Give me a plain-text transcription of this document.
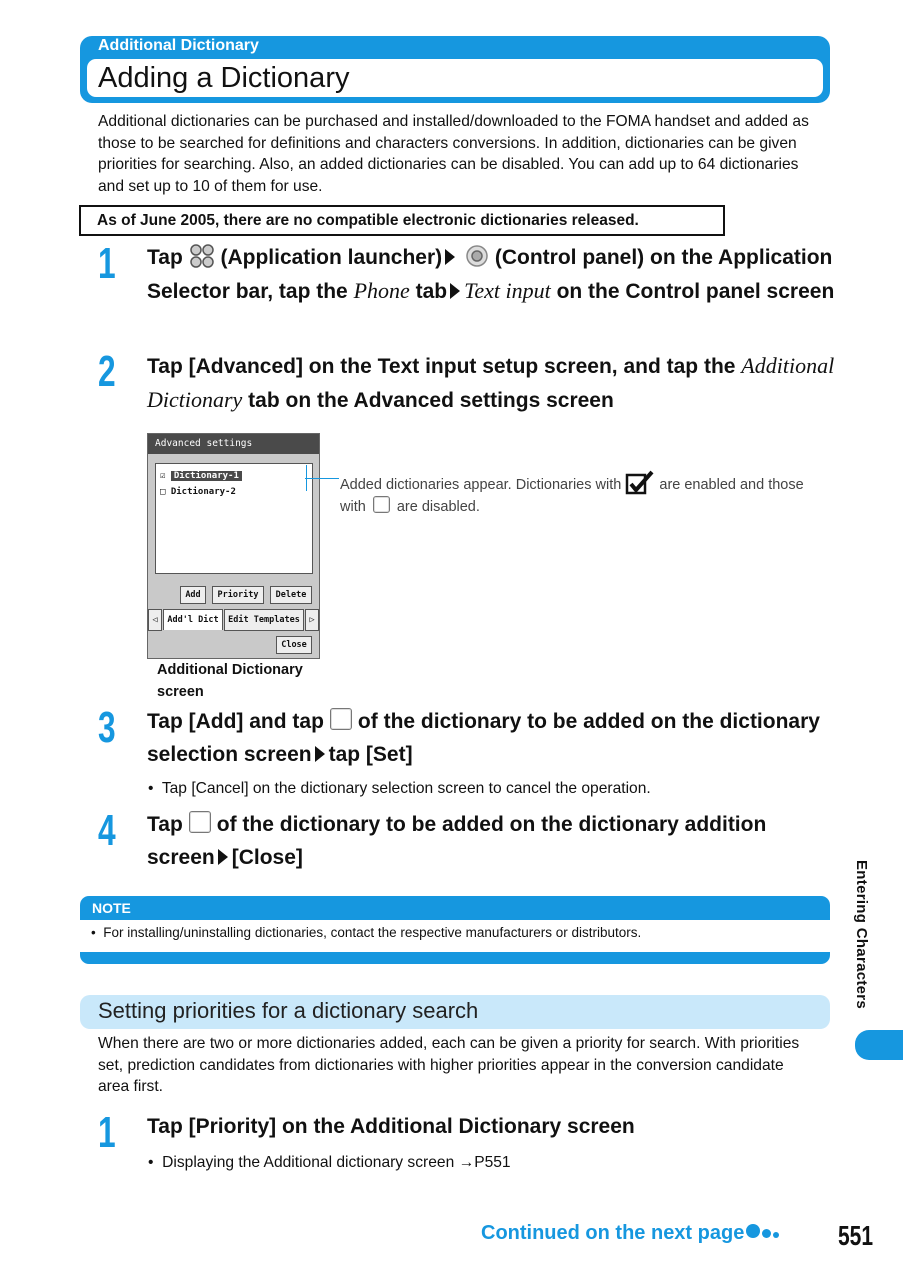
Additional Dictionary
Adding a Dictionary
Additional dictionaries can be purchased and installed/downloaded to the FOMA handset and added as those to be searched for definitions and characters conversions. In addition, dictionaries can be given priorities for searching. Also, an added dictionaries can be disabled. You can add up to 64 dictionaries and set up to 10 of them for use.
As of June 2005, there are no compatible electronic dictionaries released.
1 Tap (Application launcher)	(Control panel) on the Application Selector bar, tap the Phone tab Text input on the Control panel screen
2 Tap [Advanced] on the Text input setup screen, and tap the Additional Dictionary tab on the Advanced settings screen
Advanced settings
☑ Dictionary-1
□ Dictionary-2
Add	Priority	Delete
◁	Add'l Dict	Edit Templates	▷
Close
Added dictionaries appear. Dictionaries with	are enabled and those with are disabled.
Additional Dictionary screen
3 Tap [Add] and tap of the dictionary to be added on the dictionary selection screen tap [Set]
•  Tap [Cancel] on the dictionary selection screen to cancel the operation.
4 Tap of the dictionary to be added on the dictionary addition screen [Close]
NOTE
•  For installing/uninstalling dictionaries, contact the respective manufacturers or distributors.	Entering Characters
Setting priorities for a dictionary search
When there are two or more dictionaries added, each can be given a priority for search. With priorities set, prediction candidates from dictionaries with higher priorities appear in the conversion candidate area first.
1 Tap [Priority] on the Additional Dictionary screen
•  Displaying the Additional dictionary screen →P551
Continued on the next page	551
